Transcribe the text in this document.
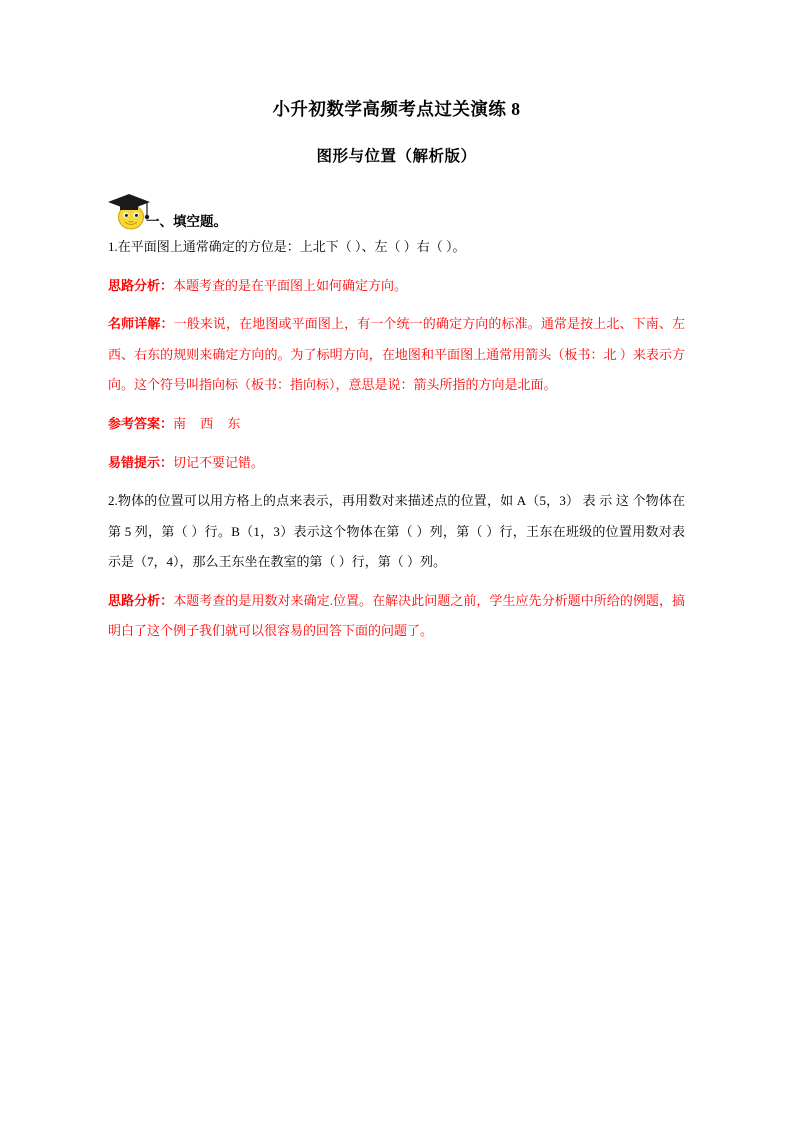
小升初数学高频考点过关演练 8
图形与位置（解析版）
一、填空题。

1.在平面图上通常确定的方位是：上北下（ ）、左（ ）右（ ）。

思路分析：本题考查的是在平面图上如何确定方向。

名师详解：一般来说，在地图或平面图上，有一个统一的确定方向的标准。通常是按上北、下南、左西、右东的规则来确定方向的。为了标明方向，在地图和平面图上通常用箭头（板书：北 ）来表示方向。这个符号叫指向标（板书：指向标），意思是说：箭头所指的方向是北面。

参考答案：南　西　东

易错提示：切记不要记错。

2.物体的位置可以用方格上的点来表示，再用数对来描述点的位置，如 A（5，3） 表 示 这 个物体在第 5 列，第（ ）行。B（1，3）表示这个物体在第（ ）列，第（ ）行，王东在班级的位置用数对表示是（7，4），那么王东坐在教室的第（ ）行，第（ ）列。

思路分析：本题考查的是用数对来确定.位置。在解决此问题之前，学生应先分析题中所给的例题，搞明白了这个例子我们就可以很容易的回答下面的问题了。
